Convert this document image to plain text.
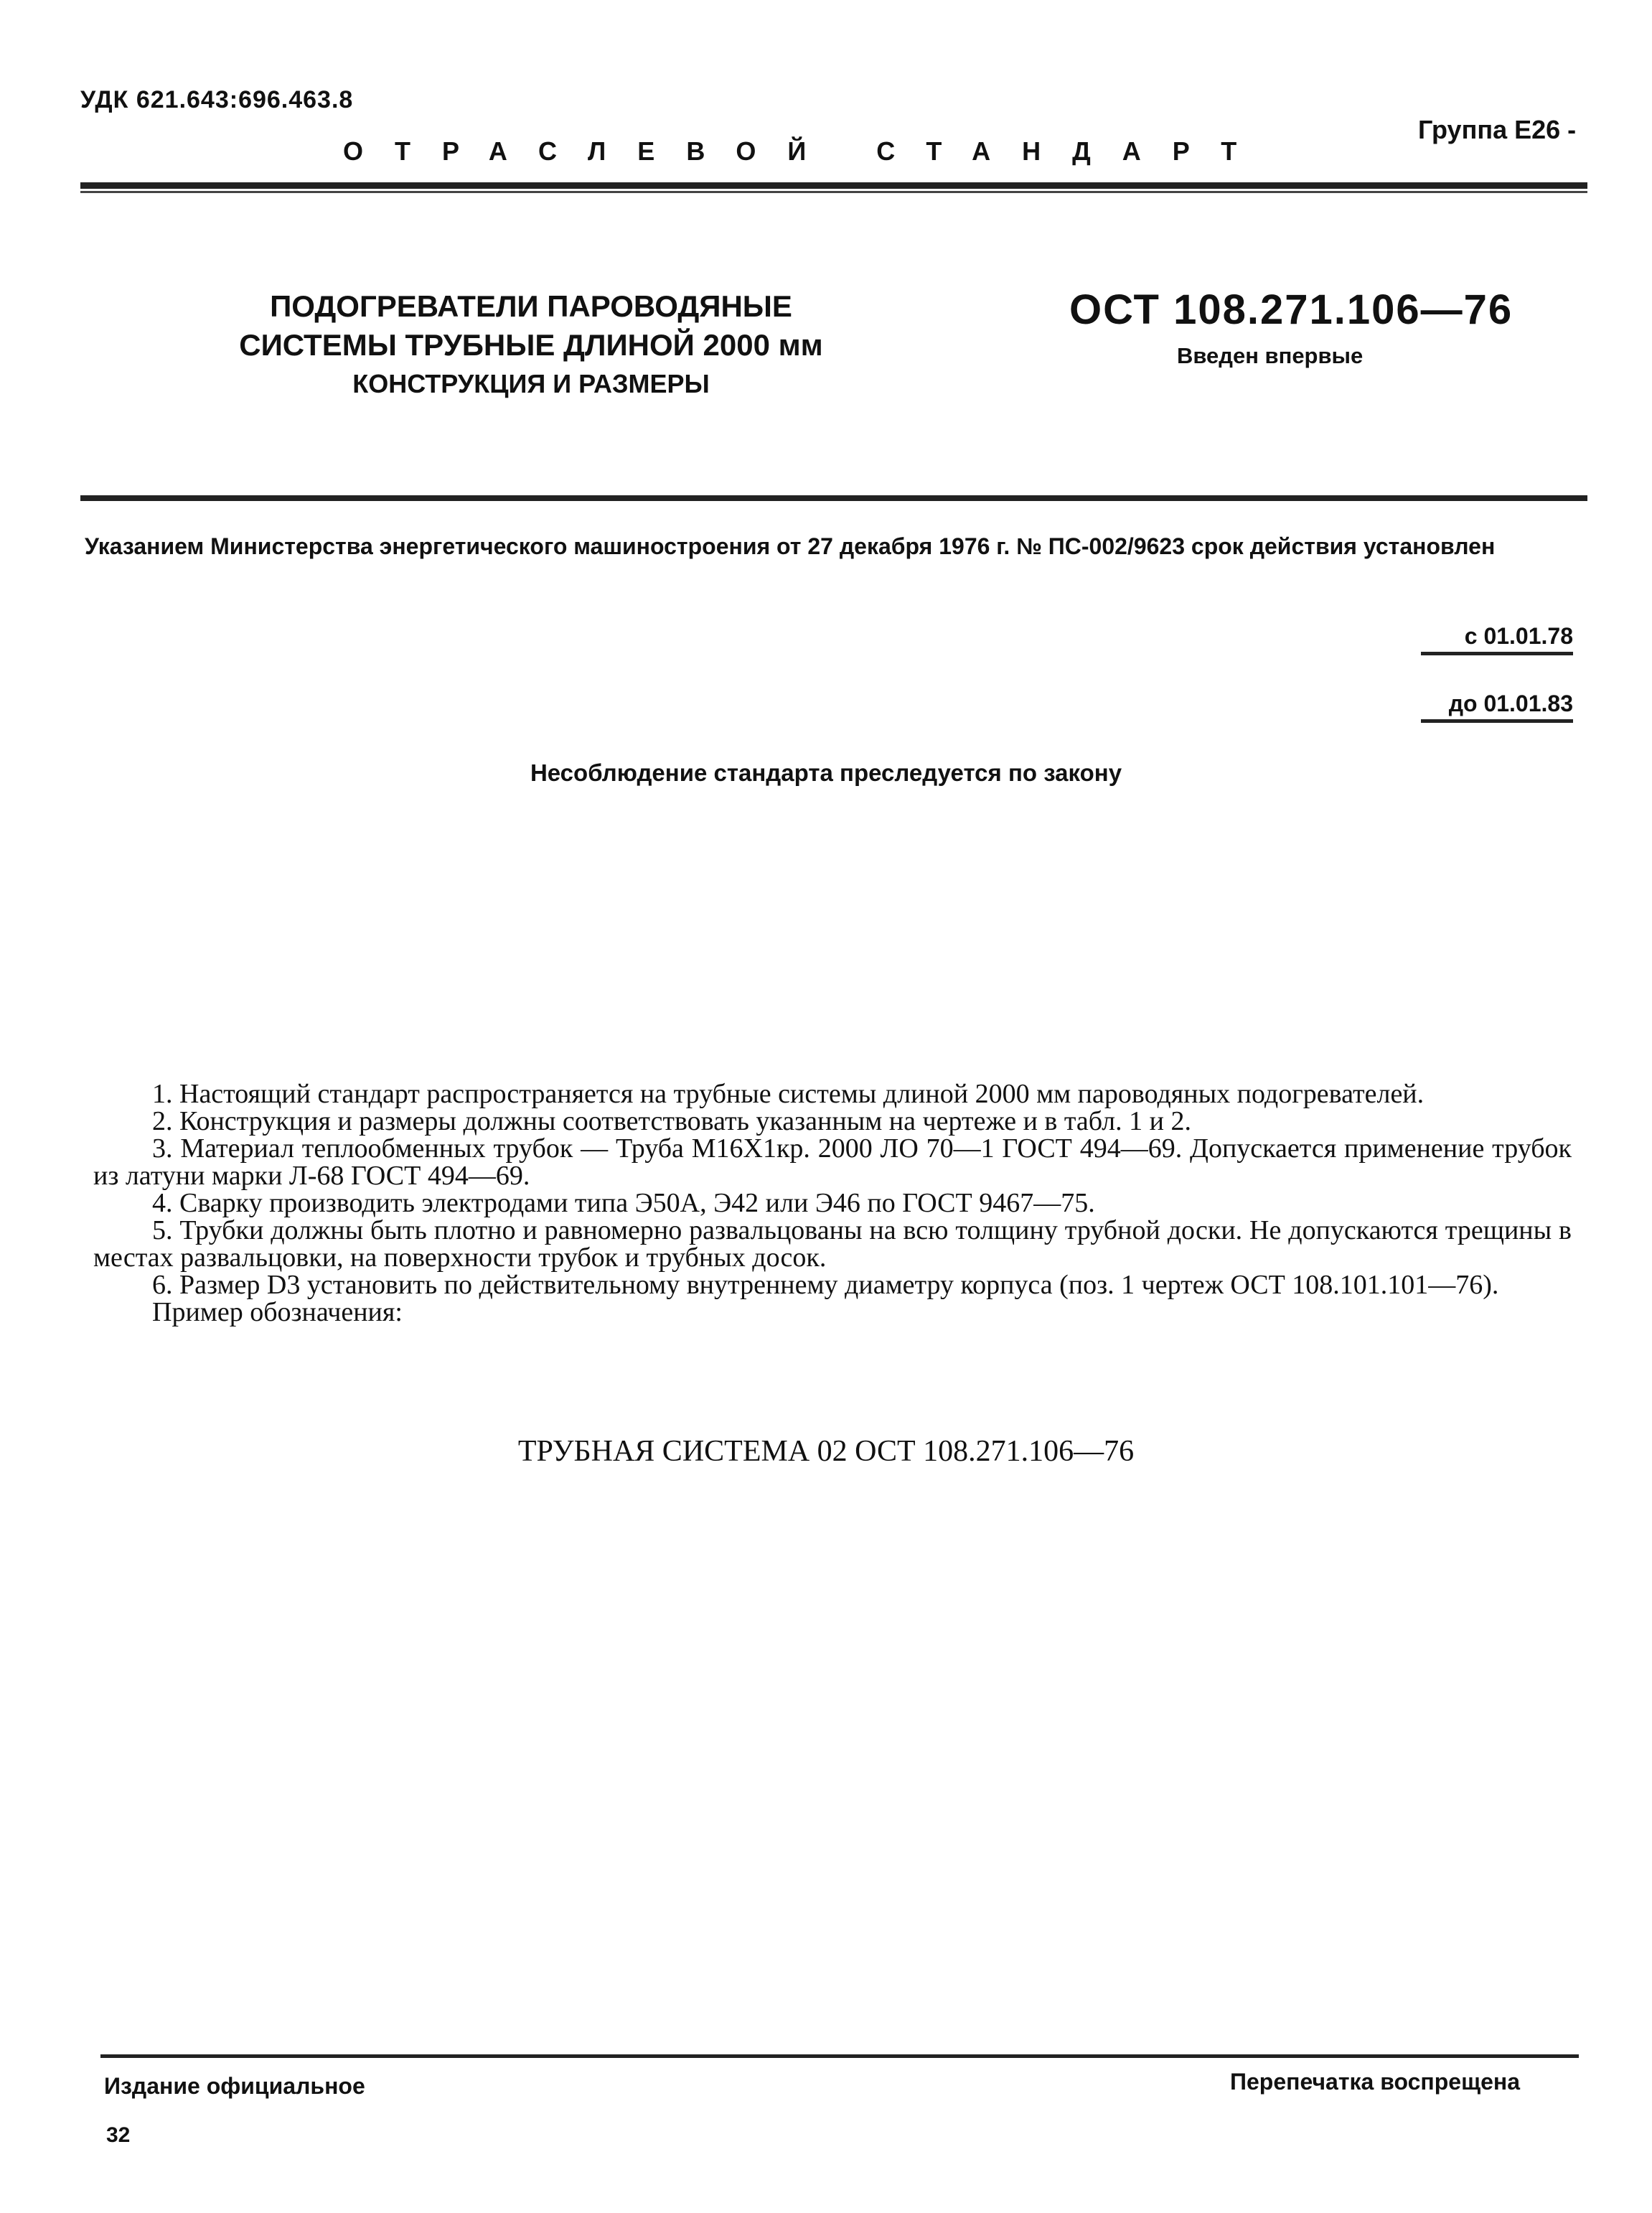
УДК 621.643:696.463.8
Группа Е26 -
ОТРАСЛЕВОЙ СТАНДАРТ
ПОДОГРЕВАТЕЛИ ПАРОВОДЯНЫЕ
СИСТЕМЫ ТРУБНЫЕ ДЛИНОЙ 2000 мм
КОНСТРУКЦИЯ И РАЗМЕРЫ
ОСТ 108.271.106—76
Введен впервые
Указанием Министерства энергетического машиностроения от 27 декабря 1976 г. № ПС-002/9623 срок действия установлен
с 01.01.78
до 01.01.83
Несоблюдение стандарта преследуется по закону

1. Настоящий стандарт распространяется на трубные системы длиной 2000 мм пароводяных подогревателей.

2. Конструкция и размеры должны соответствовать указанным на чертеже и в табл. 1 и 2.

3. Материал теплообменных трубок — Труба М16Х1кр. 2000 ЛО 70—1 ГОСТ 494—69. Допускается применение трубок из латуни марки Л-68 ГОСТ 494—69.

4. Сварку производить электродами типа Э50А, Э42 или Э46 по ГОСТ 9467—75.

5. Трубки должны быть плотно и равномерно развальцованы на всю толщину трубной доски. Не допускаются трещины в местах развальцовки, на поверхности трубок и трубных досок.

6. Размер D3 установить по действительному внутреннему диаметру корпуса (поз. 1 чертеж ОСТ 108.101.101—76).

Пример обозначения:

ТРУБНАЯ СИСТЕМА 02 ОСТ 108.271.106—76
Издание официальное	Перепечатка воспрещена
32
